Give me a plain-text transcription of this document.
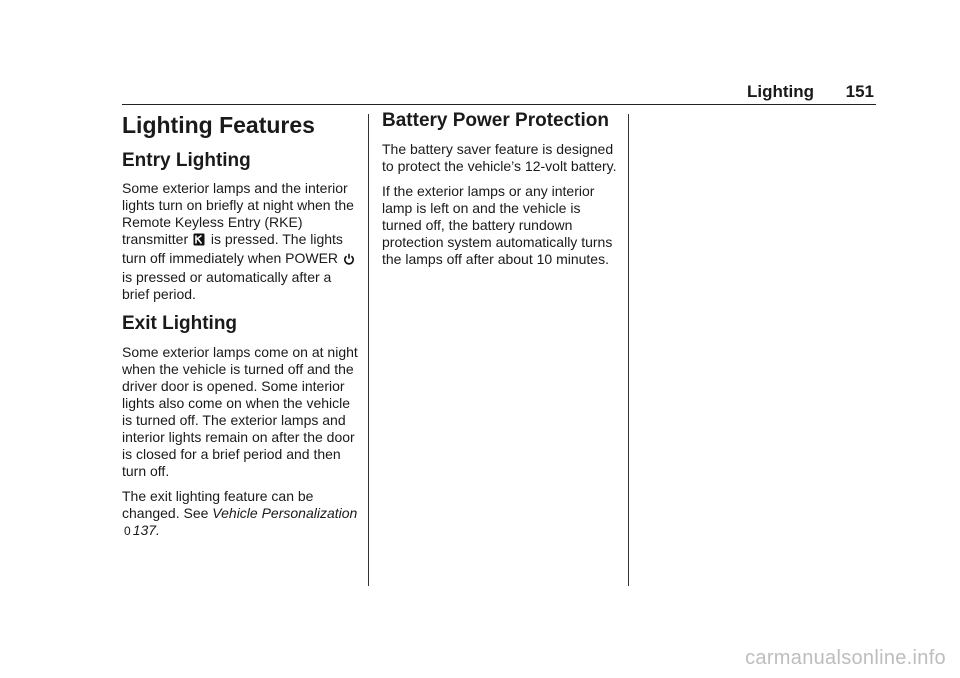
Lighting 151
Lighting Features
Entry Lighting

Some exterior lamps and the interior lights turn on briefly at night when the Remote Keyless Entry (RKE) transmitter is pressed. The lights turn off immediately when POWER  is pressed or automatically after a brief period.

Exit Lighting

Some exterior lamps come on at night when the vehicle is turned off and the driver door is opened. Some interior lights also come on when the vehicle is turned off. The exterior lamps and interior lights remain on after the door is closed for a brief period and then turn off.

The exit lighting feature can be changed. See Vehicle Personalization 0 137.

Battery Power Protection

The battery saver feature is designed to protect the vehicle’s 12-volt battery.

If the exterior lamps or any interior lamp is left on and the vehicle is turned off, the battery rundown protection system automatically turns the lamps off after about 10 minutes.

carmanualsonline.info
